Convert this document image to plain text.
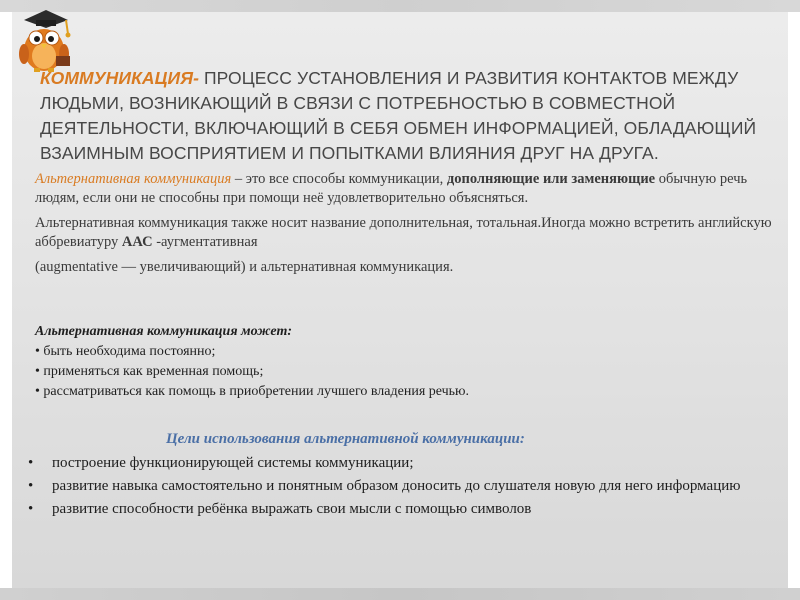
КОММУНИКАЦИЯ- ПРОЦЕСС УСТАНОВЛЕНИЯ И РАЗВИТИЯ КОНТАКТОВ МЕЖДУ ЛЮДЬМИ, ВОЗНИКАЮЩИЙ В СВЯЗИ С ПОТРЕБНОСТЬЮ В СОВМЕСТНОЙ ДЕЯТЕЛЬНОСТИ, ВКЛЮЧАЮЩИЙ В СЕБЯ ОБМЕН ИНФОРМАЦИЕЙ, ОБЛАДАЮЩИЙ ВЗАИМНЫМ ВОСПРИЯТИЕМ И ПОПЫТКАМИ ВЛИЯНИЯ ДРУГ НА ДРУГА.

Альтернативная коммуникация – это все способы коммуникации, дополняющие или заменяющие обычную речь людям, если они не способны при помощи неё удовлетворительно объясняться.

Альтернативная коммуникация также носит название дополнительная, тотальная.Иногда можно встретить английскую аббревиатуру ААС -аугментативная

(augmentative — увеличивающий) и альтернативная коммуникация.

Альтернативная коммуникация может:
• быть необходима постоянно;
• применяться как временная помощь;
• рассматриваться как помощь в приобретении лучшего владения речью.
Цели использования альтернативной коммуникации:
• построение функционирующей системы коммуникации;
• развитие навыка самостоятельно и понятным образом доносить до слушателя новую для него информацию
• развитие способности ребёнка выражать свои мысли с помощью символов
